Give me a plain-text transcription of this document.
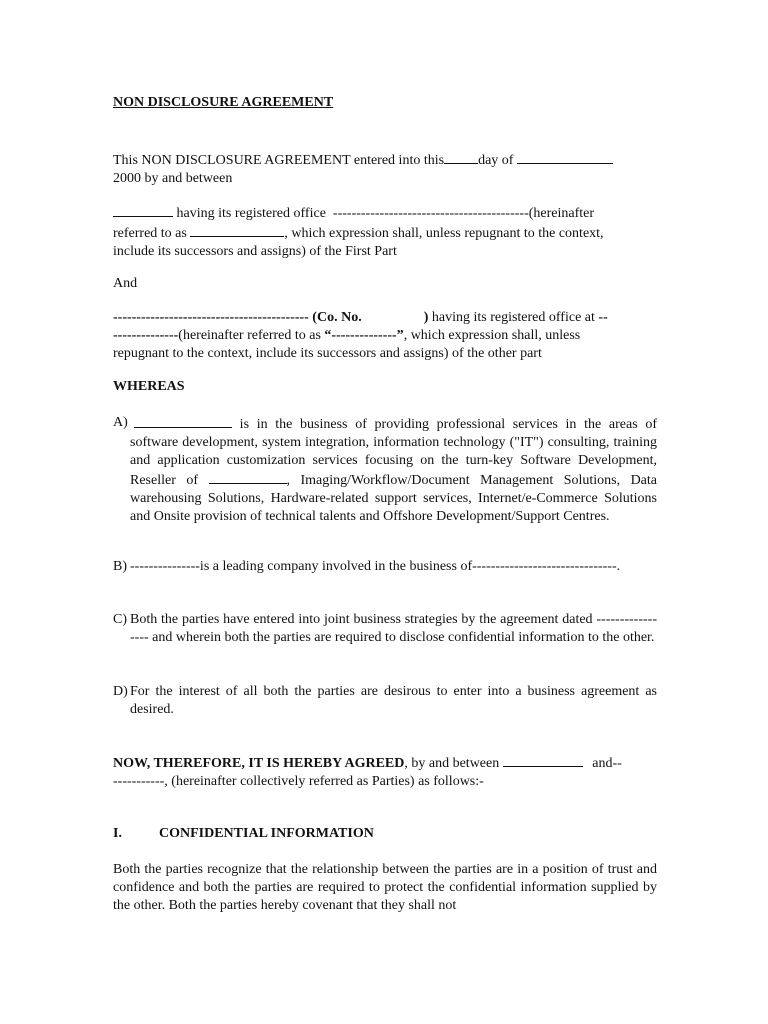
NON DISCLOSURE AGREEMENT
This NON DISCLOSURE AGREEMENT entered into this day of
2000 by and between
having its registered office ------------------------------------------(hereinafter
referred to as	, which expression shall, unless repugnant to the context,
include its successors and assigns) of the First Part
And
------------------------------------------ (Co. No.	) having its registered office at --
--------------(hereinafter referred to as “--------------”, which expression shall, unless
repugnant to the context, include its successors and assigns) of the other part
WHEREAS
A)	is in the business of providing professional services in the areas of software development, system integration, information technology ("IT") consulting, training and application customization services focusing on the turn-key Software Development, Reseller of	, Imaging/Workflow/Document Management Solutions, Data warehousing Solutions, Hardware-related support services, Internet/e-Commerce Solutions and Onsite provision of technical talents and Offshore Development/Support Centres.
B) ---------------is a leading company involved in the business of-------------------------------.
C) Both the parties have entered into joint business strategies by the agreement dated ----------------- and wherein both the parties are required to disclose confidential information to the other.
D) For the interest of all both the parties are desirous to enter into a business agreement as desired.
NOW, THEREFORE, IT IS HEREBY AGREED, by and between	and--
-----------, (hereinafter collectively referred as Parties) as follows:-
I.	CONFIDENTIAL INFORMATION
Both the parties recognize that the relationship between the parties are in a position of trust and confidence and both the parties are required to protect the confidential information supplied by the other. Both the parties hereby covenant that they shall not
